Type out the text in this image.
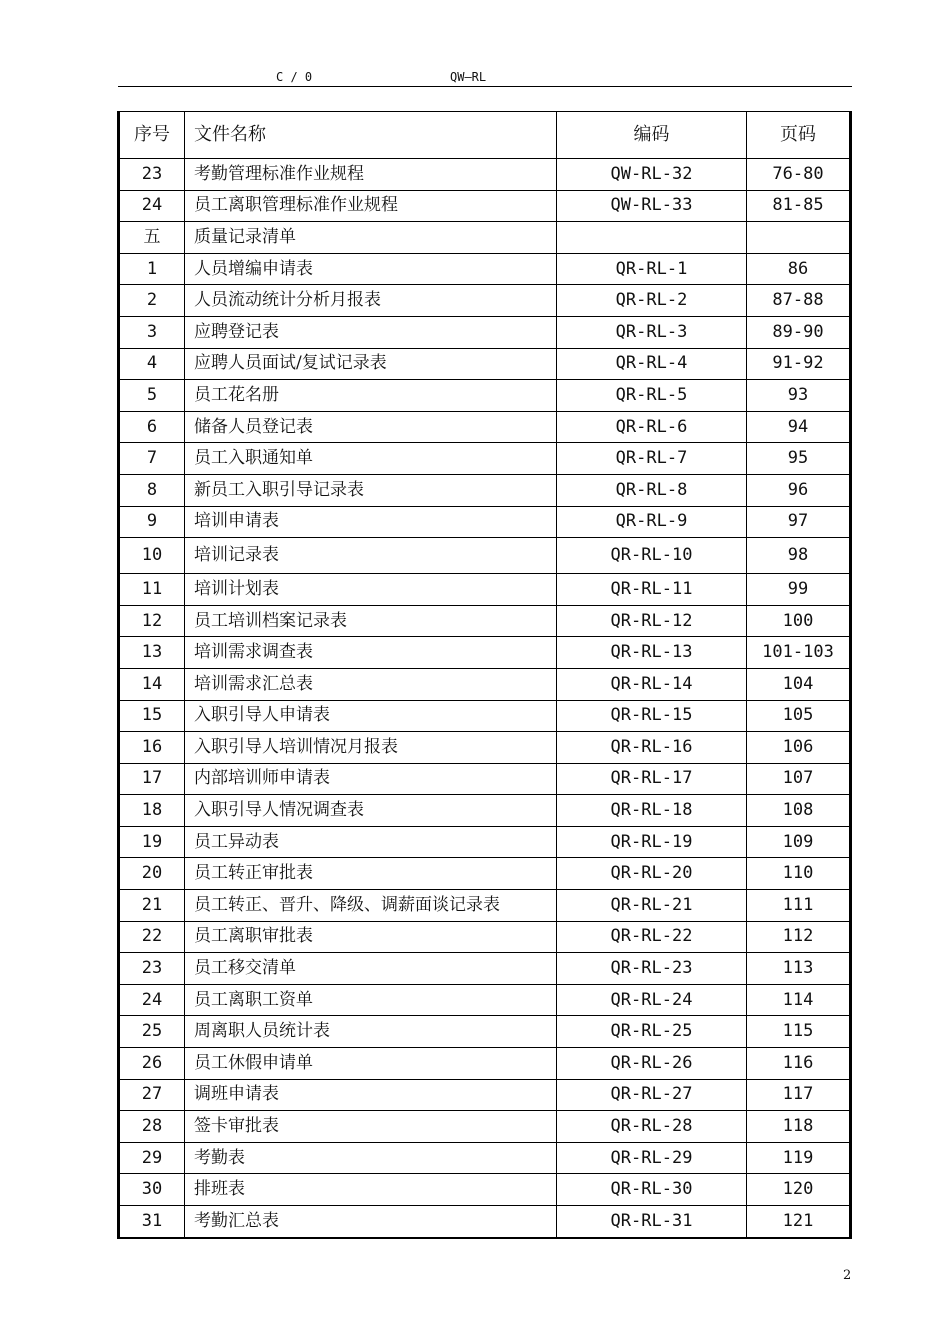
C / 0	QW—RL
序号	文件名称	编码	页码
23	考勤管理标准作业规程	QW-RL-32	76-80
24	员工离职管理标准作业规程	QW-RL-33	81-85
五	质量记录清单		
1	人员增编申请表	QR-RL-1	86
2	人员流动统计分析月报表	QR-RL-2	87-88
3	应聘登记表	QR-RL-3	89-90
4	应聘人员面试/复试记录表	QR-RL-4	91-92
5	员工花名册	QR-RL-5	93
6	储备人员登记表	QR-RL-6	94
7	员工入职通知单	QR-RL-7	95
8	新员工入职引导记录表	QR-RL-8	96
9	培训申请表	QR-RL-9	97
10	培训记录表	QR-RL-10	98
11	培训计划表	QR-RL-11	99
12	员工培训档案记录表	QR-RL-12	100
13	培训需求调查表	QR-RL-13	101-103
14	培训需求汇总表	QR-RL-14	104
15	入职引导人申请表	QR-RL-15	105
16	入职引导人培训情况月报表	QR-RL-16	106
17	内部培训师申请表	QR-RL-17	107
18	入职引导人情况调查表	QR-RL-18	108
19	员工异动表	QR-RL-19	109
20	员工转正审批表	QR-RL-20	110
21	员工转正、晋升、降级、调薪面谈记录表	QR-RL-21	111
22	员工离职审批表	QR-RL-22	112
23	员工移交清单	QR-RL-23	113
24	员工离职工资单	QR-RL-24	114
25	周离职人员统计表	QR-RL-25	115
26	员工休假申请单	QR-RL-26	116
27	调班申请表	QR-RL-27	117
28	签卡审批表	QR-RL-28	118
29	考勤表	QR-RL-29	119
30	排班表	QR-RL-30	120
31	考勤汇总表	QR-RL-31	121
2
